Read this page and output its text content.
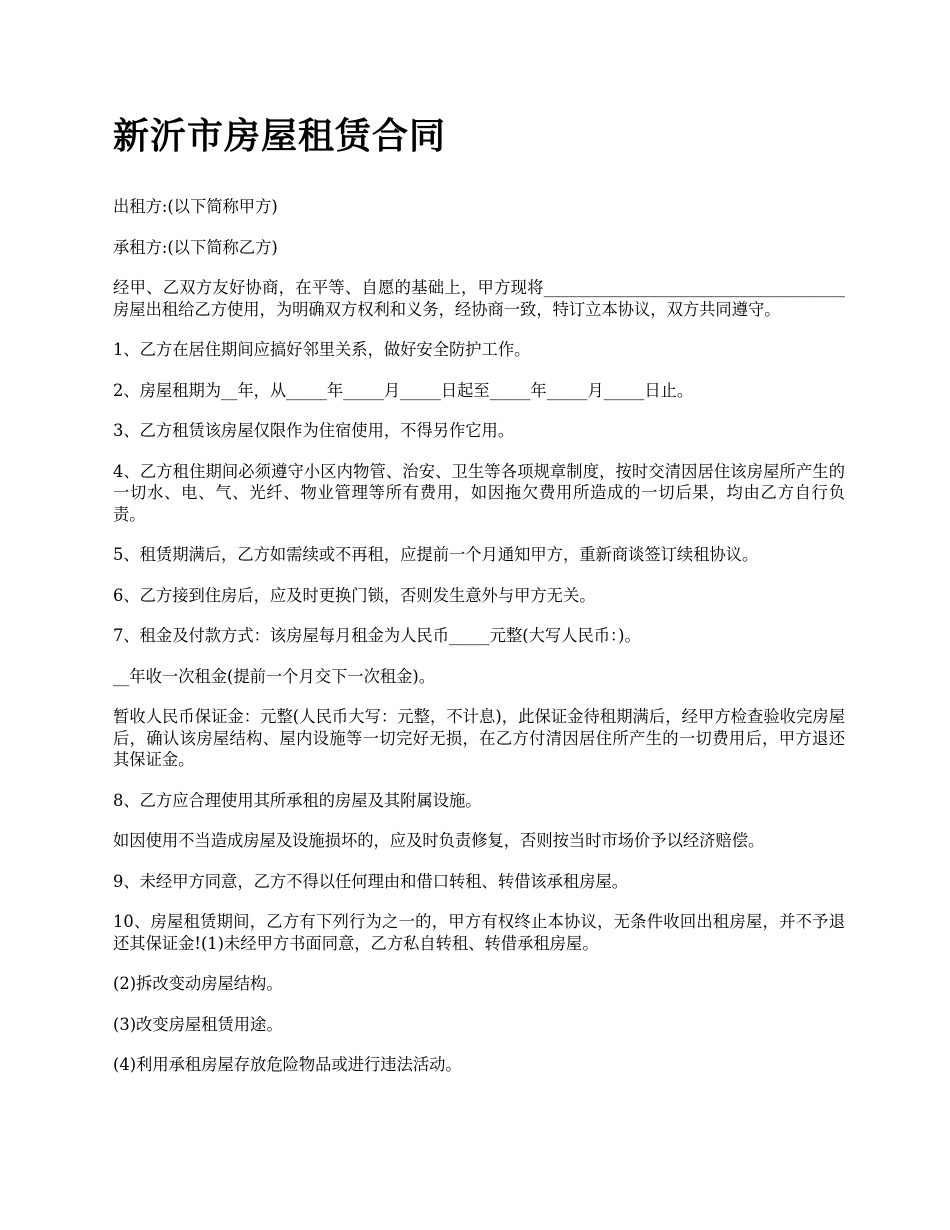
新沂市房屋租赁合同

出租方:(以下简称甲方)

承租方:(以下简称乙方)

经甲、乙双方友好协商，在平等、自愿的基础上，甲方现将_____________________________________房屋出租给乙方使用，为明确双方权利和义务，经协商一致，特订立本协议，双方共同遵守。

1、乙方在居住期间应搞好邻里关系，做好安全防护工作。

2、房屋租期为__年，从_____年_____月_____日起至_____年_____月_____日止。

3、乙方租赁该房屋仅限作为住宿使用，不得另作它用。

4、乙方租住期间必须遵守小区内物管、治安、卫生等各项规章制度，按时交清因居住该房屋所产生的一切水、电、气、光纤、物业管理等所有费用，如因拖欠费用所造成的一切后果，均由乙方自行负责。

5、租赁期满后，乙方如需续或不再租，应提前一个月通知甲方，重新商谈签订续租协议。

6、乙方接到住房后，应及时更换门锁，否则发生意外与甲方无关。

7、租金及付款方式：该房屋每月租金为人民币_____元整(大写人民币：)。

__年收一次租金(提前一个月交下一次租金)。

暂收人民币保证金：元整(人民币大写：元整，不计息)，此保证金待租期满后，经甲方检查验收完房屋后，确认该房屋结构、屋内设施等一切完好无损，在乙方付清因居住所产生的一切费用后，甲方退还其保证金。

8、乙方应合理使用其所承租的房屋及其附属设施。

如因使用不当造成房屋及设施损坏的，应及时负责修复，否则按当时市场价予以经济赔偿。

9、未经甲方同意，乙方不得以任何理由和借口转租、转借该承租房屋。

10、房屋租赁期间，乙方有下列行为之一的，甲方有权终止本协议，无条件收回出租房屋，并不予退还其保证金!(1)未经甲方书面同意，乙方私自转租、转借承租房屋。

(2)拆改变动房屋结构。

(3)改变房屋租赁用途。

(4)利用承租房屋存放危险物品或进行违法活动。
